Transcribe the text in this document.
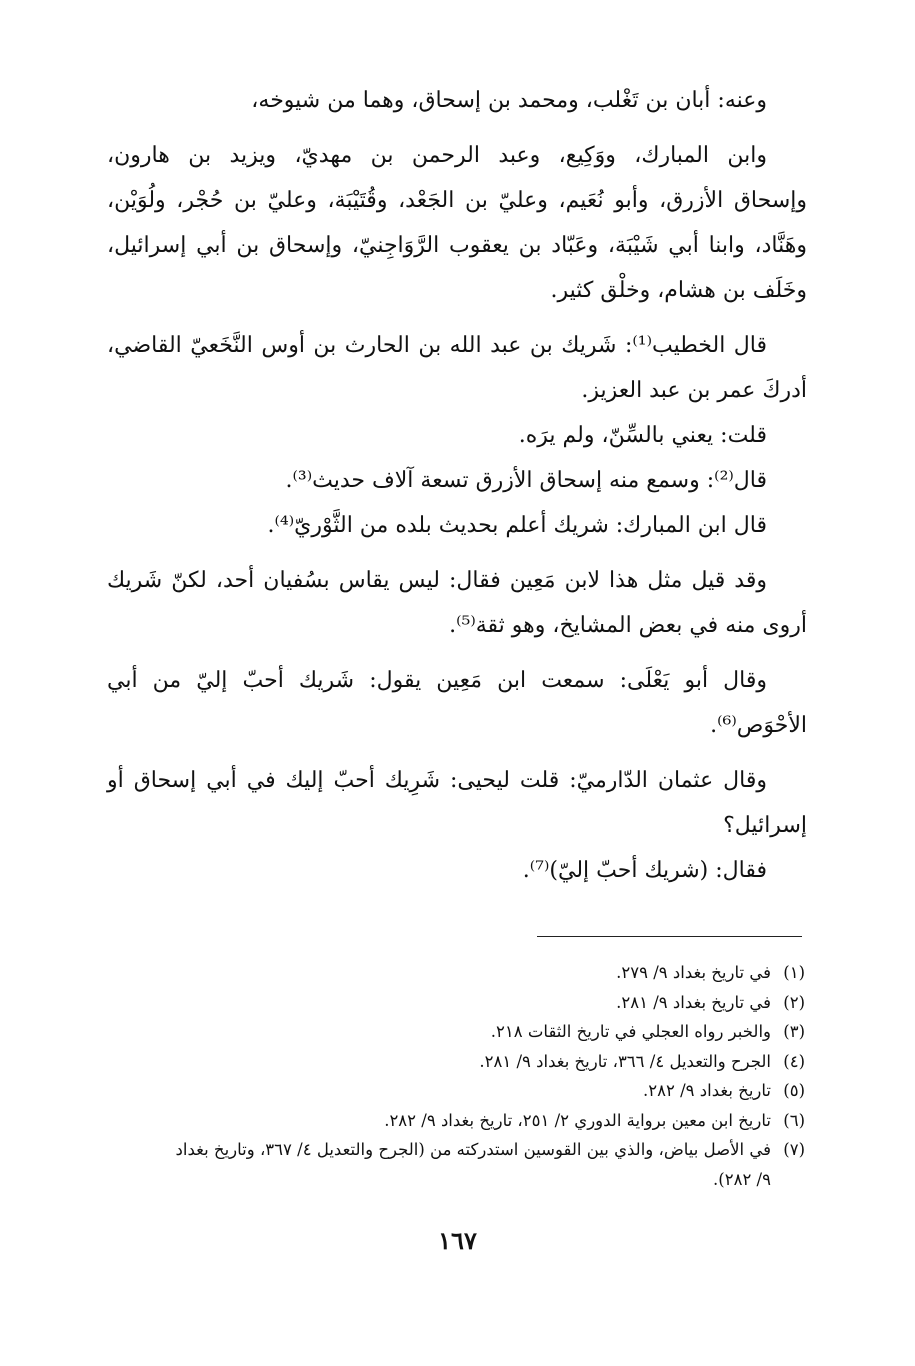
وعنه: أبان بن تَغْلب، ومحمد بن إسحاق، وهما من شيوخه،
وابن المبارك، ووَكِيع، وعبد الرحمن بن مهديّ، ويزيد بن هارون،
وإسحاق الأزرق، وأبو نُعَيم، وعليّ بن الجَعْد، وقُتَيْبَة، وعليّ بن حُجْر، ولُوَيْن،
وهَنَّاد، وابنا أبي شَيْبَة، وعَبّاد بن يعقوب الرَّوَاجِنيّ، وإسحاق بن أبي إسرائيل،
وخَلَف بن هشام، وخلْق كثير.
قال الخطيب⁽¹⁾: شَريك بن عبد الله بن الحارث بن أوس النَّخَعيّ القاضي،
أدركَ عمر بن عبد العزيز.
قلت: يعني بالسِّنّ، ولم يرَه.
قال⁽²⁾: وسمع منه إسحاق الأزرق تسعة آلاف حديث⁽³⁾.
قال ابن المبارك: شريك أعلم بحديث بلده من الثَّوْريّ⁽⁴⁾.
وقد قيل مثل هذا لابن مَعِين فقال: ليس يقاس بسُفيان أحد، لكنّ شَريك
أروى منه في بعض المشايخ، وهو ثقة⁽⁵⁾.
وقال أبو يَعْلَى: سمعت ابن مَعِين يقول: شَريك أحبّ إليّ من أبي
الأحْوَص⁽⁶⁾.
وقال عثمان الدّارميّ: قلت ليحيى: شَرِيك أحبّ إليك في أبي إسحاق أو
إسرائيل؟
فقال: (شريك أحبّ إليّ)⁽⁷⁾.
(١)في تاريخ بغداد ٩/ ٢٧٩.
(٢)في تاريخ بغداد ٩/ ٢٨١.
(٣)والخبر رواه العجلي في تاريخ الثقات ٢١٨.
(٤)الجرح والتعديل ٤/ ٣٦٦، تاريخ بغداد ٩/ ٢٨١.
(٥)تاريخ بغداد ٩/ ٢٨٢.
(٦)تاريخ ابن معين برواية الدوري ٢/ ٢٥١، تاريخ بغداد ٩/ ٢٨٢.
(٧)في الأصل بياض، والذي بين القوسين استدركته من (الجرح والتعديل ٤/ ٣٦٧، وتاريخ بغداد
٩/ ٢٨٢).
١٦٧
